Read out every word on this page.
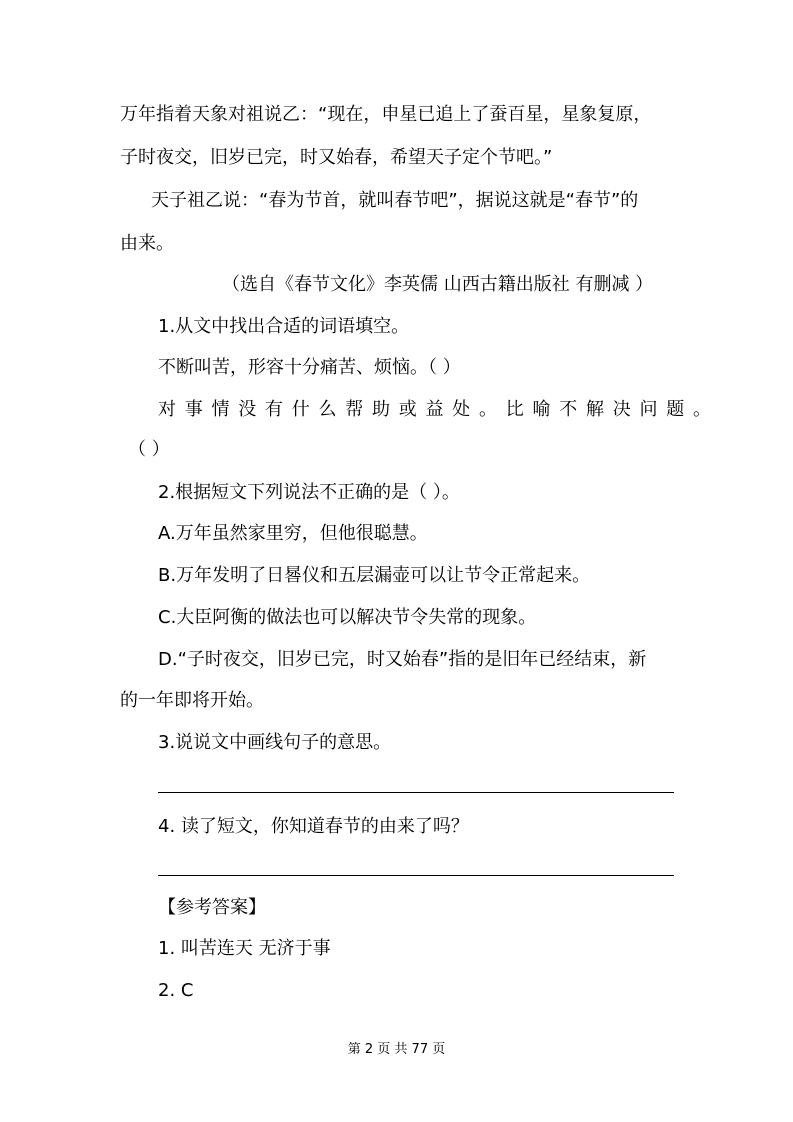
万年指着天象对祖说乙：“现在，申星已追上了蚕百星，星象复原，
子时夜交，旧岁已完，时又始春，希望天子定个节吧。”
天子祖乙说：“春为节首，就叫春节吧”，据说这就是“春节”的
由来。
（选自《春节文化》李英儒 山西古籍出版社 有删减 ）
1.从文中找出合适的词语填空。
不断叫苦，形容十分痛苦、烦恼。（ ）
对事情没有什么帮助或益处。比喻不解决问题。
（ ）
2.根据短文下列说法不正确的是（ ）。
A.万年虽然家里穷，但他很聪慧。
B.万年发明了日晷仪和五层漏壶可以让节令正常起来。
C.大臣阿衡的做法也可以解决节令失常的现象。
D.“子时夜交，旧岁已完，时又始春”指的是旧年已经结束，新
的一年即将开始。
3.说说文中画线句子的意思。
4. 读了短文，你知道春节的由来了吗？
【参考答案】
1. 叫苦连天 无济于事
2. C
第 2 页 共 77 页
